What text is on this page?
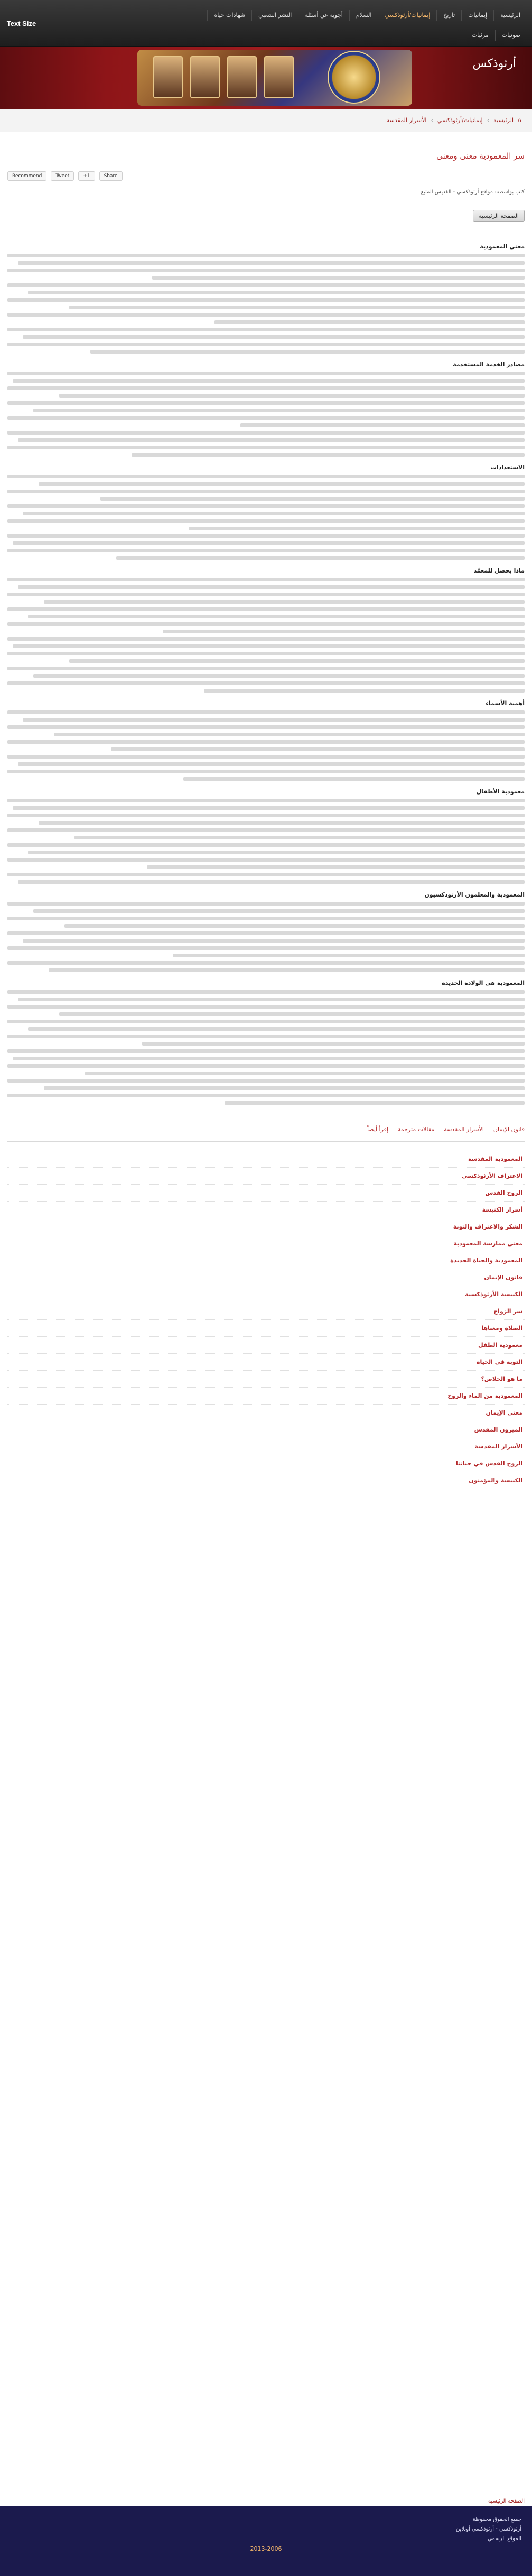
Text Size
الرئيسية
إيمانيات
تاريخ
إيمانيات/أرثوذكسي
السلام
أجوبة عن أسئلة
النشر الشعبي
شهادات حياة
صوتيات
مرئيات
أرثوذكس
⌂
الرئيسية
›
إيمانيات/أرثوذكسي
›
الأسرار المقدسة
سر المعمودية معنى ومعنى
Recommend	Tweet	+1	Share
كتب بواسطة: مواقع أرثوذكسي - القديس المتبع
الصفحة الرئيسية
معنى المعمودية
مصادر الخدمة المستخدمة
الاستعدادات
ماذا يحصل للمعمَّد
أهمية الأسماء
معمودية الأطفال
المعمودية والمعلمون الأرثوذكسيون
المعمودية هي الولادة الجديدة
قانون الإيمان
الأسرار المقدسة
مقالات مترجمة
إقرأ أيضاً
المعمودية المقدسة
الاعتراف الأرثوذكسي
الروح القدس
أسرار الكنيسة
الشكر والاعتراف والتوبة
معنى ممارسة المعمودية
المعمودية والحياة الجديدة
قانون الإيمان
الكنيسة الأرثوذكسية
سر الزواج
الصلاة ومعناها
معمودية الطفل
التوبة في الحياة
ما هو الخلاص؟
المعمودية من الماء والروح
معنى الإيمان
الميرون المقدس
الأسرار المقدسة
الروح القدس في حياتنا
الكنيسة والمؤمنون
الصفحة الرئيسية
جميع الحقوق محفوظة
أرثوذكسي - أرثوذكسي أونلاين
الموقع الرسمي
2013-2006
